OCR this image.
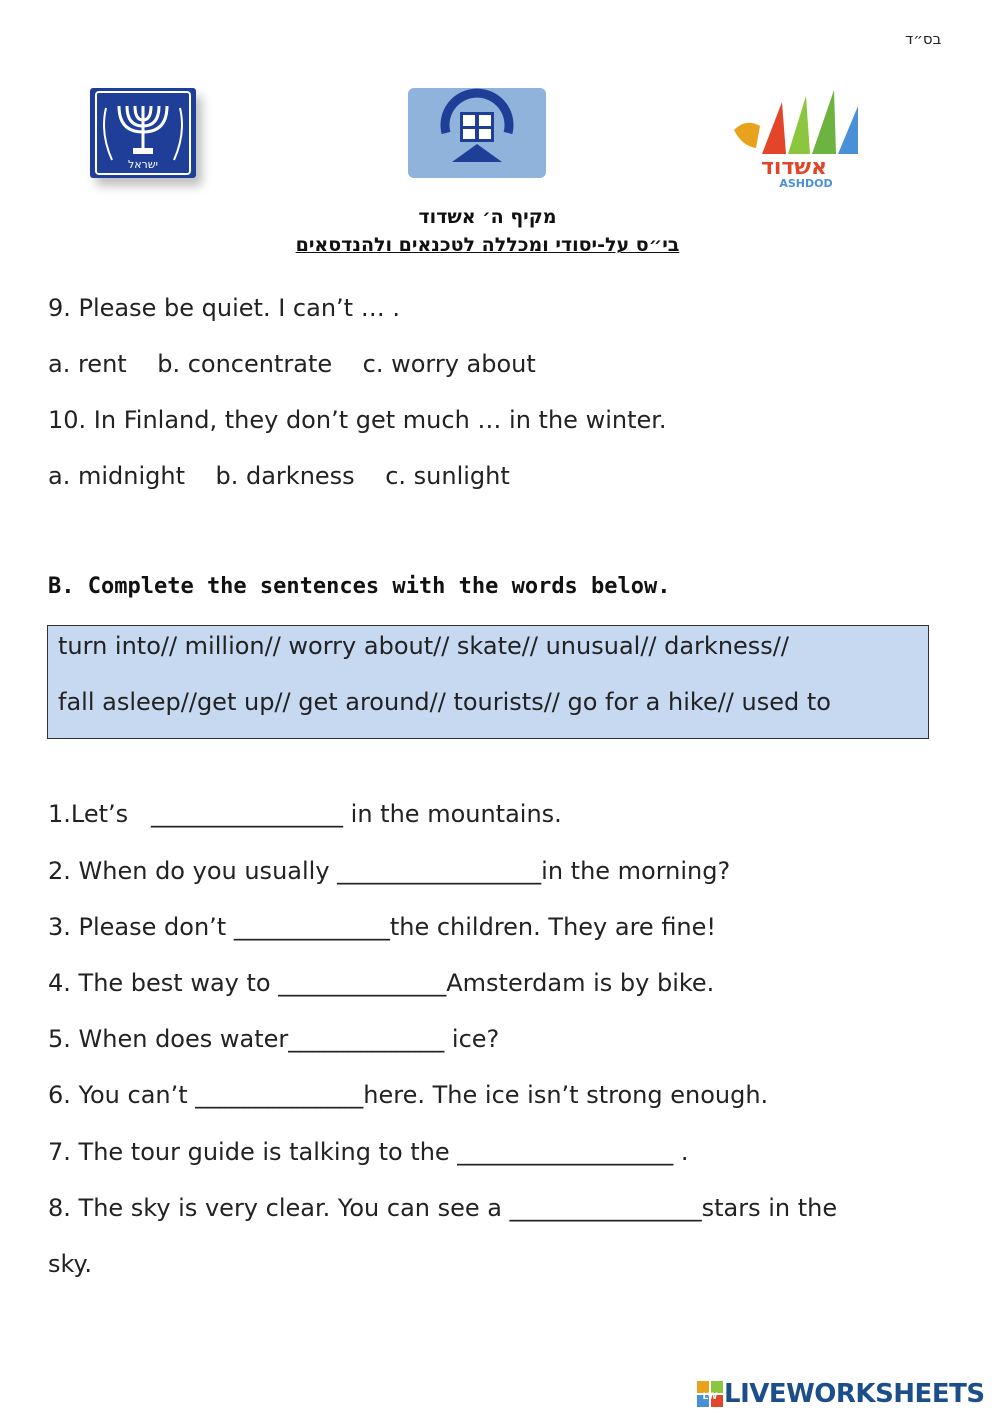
בס״ד
ישראל	אשדוד
ASHDOD
מקיף ה׳ אשדוד
בי״ס על-יסודי ומכללה לטכנאים ולהנדסאים
9. Please be quiet. I can’t … .
a. rent    b. concentrate    c. worry about
10. In Finland, they don’t get much … in the winter.
a. midnight    b. darkness    c. sunlight
B. Complete the sentences with the words below.
turn into// million// worry about// skate// unusual// darkness//
fall asleep//get up// get around// tourists// go for a hike// used to
1.Let’s   ________________ in the mountains.
2. When do you usually _________________in the morning?
3. Please don’t _____________the children. They are fine!
4. The best way to ______________Amsterdam is by bike.
5. When does water_____________ ice?
6. You can’t ______________here. The ice isn’t strong enough.
7. The tour guide is talking to the __________________ .
8. The sky is very clear. You can see a ________________stars in the
sky.
LW LIVEWORKSHEETS
